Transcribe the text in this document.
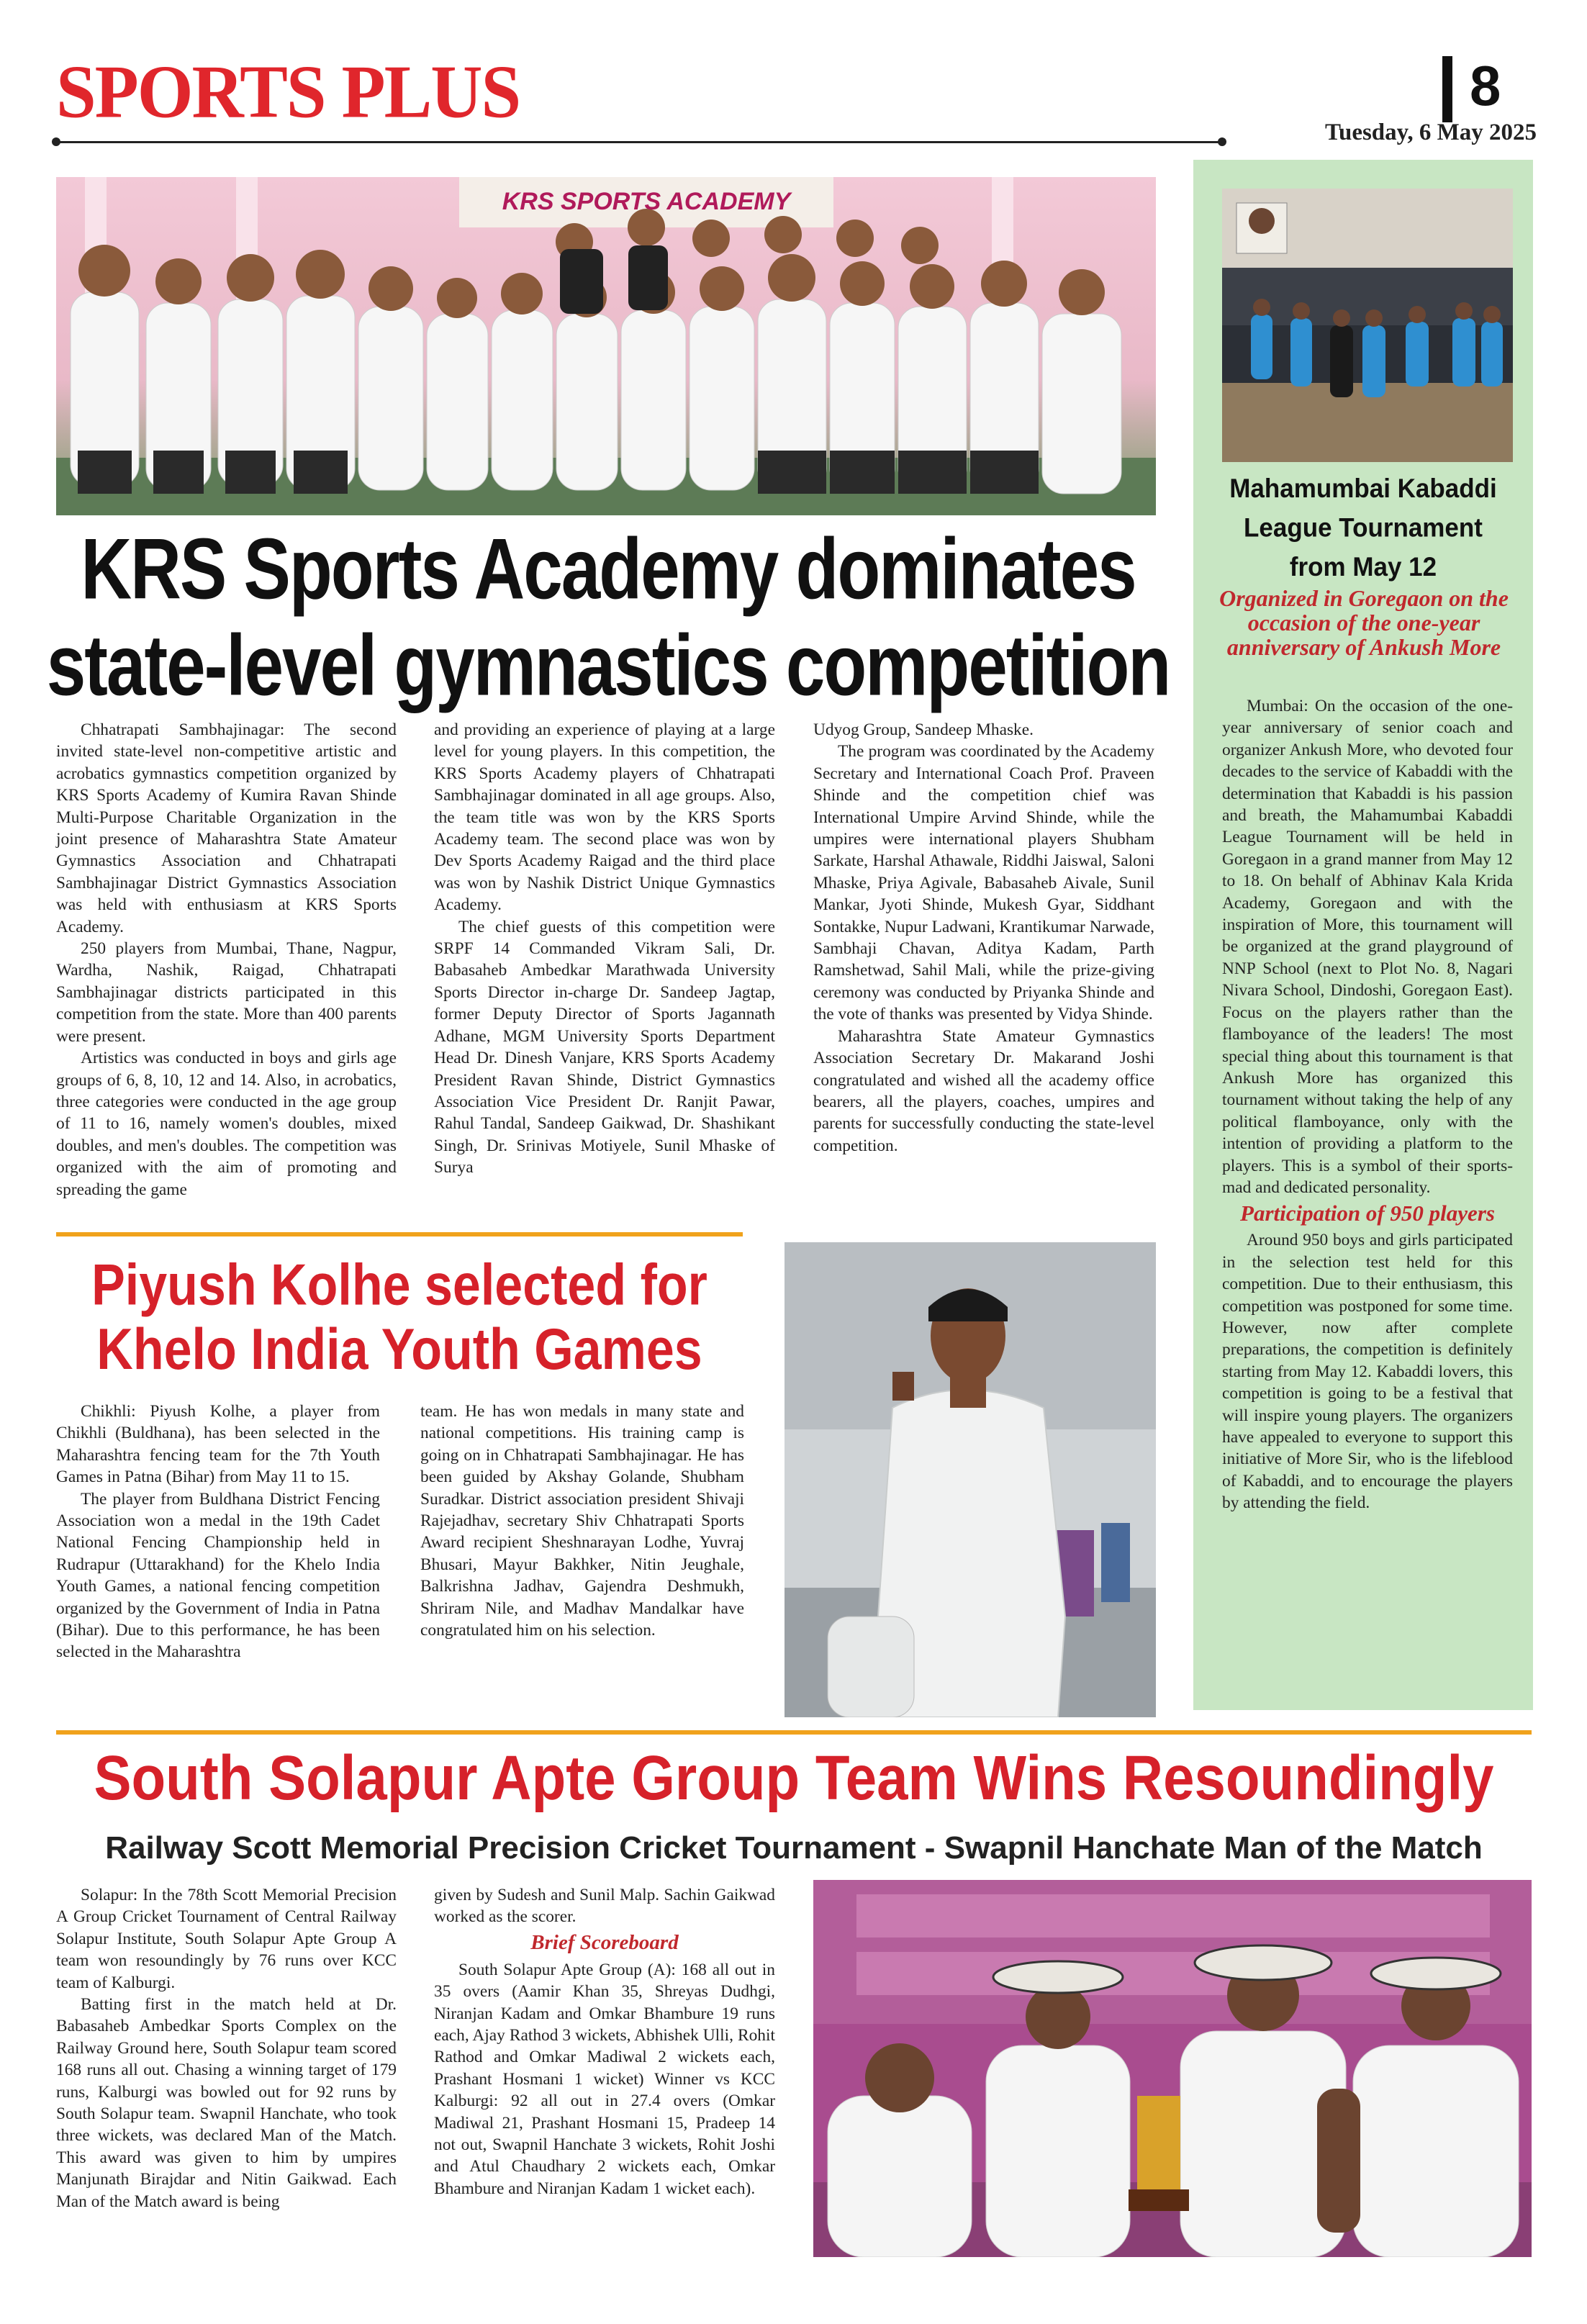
SPORTS PLUS	8
Tuesday, 6 May 2025
KRS SPORTS ACADEMY
KRS Sports Academy dominates
state-level gymnastics competition

Chhatrapati Sambhajinagar: The second invited state-level non-competitive artistic and acrobatics gymnastics competition organized by KRS Sports Academy of Kumira Ravan Shinde Multi-Purpose Charitable Organization in the joint presence of Maharashtra State Amateur Gymnastics Association and Chhatrapati Sambhajinagar District Gymnastics Association was held with enthusiasm at KRS Sports Academy.

250 players from Mumbai, Thane, Nagpur, Wardha, Nashik, Raigad, Chhatrapati Sambhajinagar districts participated in this competition from the state. More than 400 parents were present.

Artistics was conducted in boys and girls age groups of 6, 8, 10, 12 and 14. Also, in acrobatics, three categories were conducted in the age group of 11 to 16, namely women's doubles, mixed doubles, and men's doubles. The competition was organized with the aim of promoting and spreading the game

and providing an experience of playing at a large level for young players. In this competition, the KRS Sports Academy players of Chhatrapati Sambhajinagar dominated in all age groups. Also, the team title was won by the KRS Sports Academy team. The second place was won by Dev Sports Academy Raigad and the third place was won by Nashik District Unique Gymnastics Academy.

The chief guests of this competition were SRPF 14 Commanded Vikram Sali, Dr. Babasaheb Ambedkar Marathwada University Sports Director in-charge Dr. Sandeep Jagtap, former Deputy Director of Sports Jagannath Adhane, MGM University Sports Department Head Dr. Dinesh Vanjare, KRS Sports Academy President Ravan Shinde, District Gymnastics Association Vice President Dr. Ranjit Pawar, Rahul Tandal, Sandeep Gaikwad, Dr. Shashikant Singh, Dr. Srinivas Motiyele, Sunil Mhaske of Surya

Udyog Group, Sandeep Mhaske.

The program was coordinated by the Academy Secretary and International Coach Prof. Praveen Shinde and the competition chief was International Umpire Arvind Shinde, while the umpires were international players Shubham Sarkate, Harshal Athawale, Riddhi Jaiswal, Saloni Mhaske, Priya Agivale, Babasaheb Aivale, Sunil Mankar, Jyoti Shinde, Mukesh Gyar, Siddhant Sontakke, Nupur Ladwani, Krantikumar Narwade, Sambhaji Chavan, Aditya Kadam, Parth Ramshetwad, Sahil Mali, while the prize-giving ceremony was conducted by Priyanka Shinde and the vote of thanks was presented by Vidya Shinde.

Maharashtra State Amateur Gymnastics Association Secretary Dr. Makarand Joshi congratulated and wished all the academy office bearers, all the players, coaches, umpires and parents for successfully conducting the state-level competition.

Piyush Kolhe selected for
Khelo India Youth Games

Chikhli: Piyush Kolhe, a player from Chikhli (Buldhana), has been selected in the Maharashtra fencing team for the 7th Youth Games in Patna (Bihar) from May 11 to 15.

The player from Buldhana District Fencing Association won a medal in the 19th Cadet National Fencing Championship held in Rudrapur (Uttarakhand) for the Khelo India Youth Games, a national fencing competition organized by the Government of India in Patna (Bihar). Due to this performance, he has been selected in the Maharashtra

team. He has won medals in many state and national competitions. His training camp is going on in Chhatrapati Sambhajinagar. He has been guided by Akshay Golande, Shubham Suradkar. District association president Shivaji Rajejadhav, secretary Shiv Chhatrapati Sports Award recipient Sheshnarayan Lodhe, Yuvraj Bhusari, Mayur Bakhker, Nitin Jeughale, Balkrishna Jadhav, Gajendra Deshmukh, Shriram Nile, and Madhav Mandalkar have congratulated him on his selection.

Mahamumbai Kabaddi
League Tournament
from May 12
Organized in Goregaon on the occasion of the one-year anniversary of Ankush More

Mumbai: On the occasion of the one-year anniversary of senior coach and organizer Ankush More, who devoted four decades to the service of Kabaddi with the determination that Kabaddi is his passion and breath, the Mahamumbai Kabaddi League Tournament will be held in Goregaon in a grand manner from May 12 to 18. On behalf of Abhinav Kala Krida Academy, Goregaon and with the inspiration of More, this tournament will be organized at the grand playground of NNP School (next to Plot No. 8, Nagari Nivara School, Dindoshi, Goregaon East). Focus on the players rather than the flamboyance of the leaders! The most special thing about this tournament is that Ankush More has organized this tournament without taking the help of any political flamboyance, only with the intention of providing a platform to the players. This is a symbol of their sports-mad and dedicated personality.

Participation of 950 players

Around 950 boys and girls participated in the selection test held for this competition. Due to their enthusiasm, this competition was postponed for some time. However, now after complete preparations, the competition is definitely starting from May 12. Kabaddi lovers, this competition is going to be a festival that will inspire young players. The organizers have appealed to everyone to support this initiative of More Sir, who is the lifeblood of Kabaddi, and to encourage the players by attending the field.

South Solapur Apte Group Team Wins Resoundingly
Railway Scott Memorial Precision Cricket Tournament - Swapnil Hanchate Man of the Match

Solapur: In the 78th Scott Memorial Precision A Group Cricket Tournament of Central Railway Solapur Institute, South Solapur Apte Group A team won resoundingly by 76 runs over KCC team of Kalburgi.

Batting first in the match held at Dr. Babasaheb Ambedkar Sports Complex on the Railway Ground here, South Solapur team scored 168 runs all out. Chasing a winning target of 179 runs, Kalburgi was bowled out for 92 runs by South Solapur team. Swapnil Hanchate, who took three wickets, was declared Man of the Match. This award was given to him by umpires Manjunath Birajdar and Nitin Gaikwad. Each Man of the Match award is being

given by Sudesh and Sunil Malp. Sachin Gaikwad worked as the scorer.

Brief Scoreboard

South Solapur Apte Group (A): 168 all out in 35 overs (Aamir Khan 35, Shreyas Dudhgi, Niranjan Kadam and Omkar Bhambure 19 runs each, Ajay Rathod 3 wickets, Abhishek Ulli, Rohit Rathod and Omkar Madiwal 2 wickets each, Prashant Hosmani 1 wicket) Winner vs KCC Kalburgi: 92 all out in 27.4 overs (Omkar Madiwal 21, Prashant Hosmani 15, Pradeep 14 not out, Swapnil Hanchate 3 wickets, Rohit Joshi and Atul Chaudhary 2 wickets each, Omkar Bhambure and Niranjan Kadam 1 wicket each).
